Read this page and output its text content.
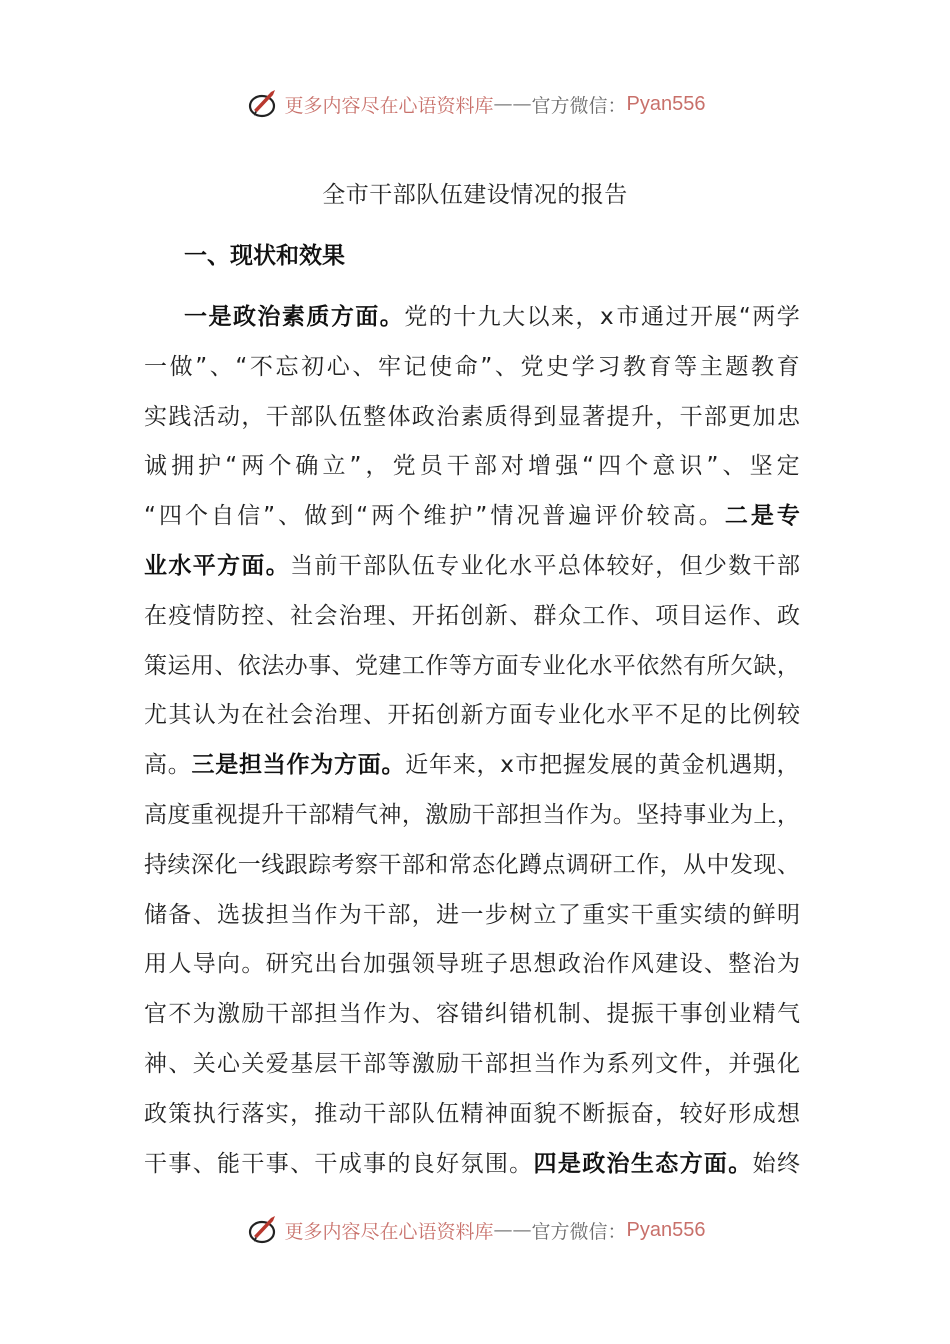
更多内容尽在心语资料库 —— 官方微信： Pyan556
全市干部队伍建设情况的报告
一、现状和效果
一 是 政 治 素 质 方 面 。 党 的 十 九 大 以 来 ， x 市 通 过 开 展 “ 两 学
一 做 ” 、 “ 不 忘 初 心 、 牢 记 使 命 ” 、 党 史 学 习 教 育 等 主 题 教 育
实 践 活 动 ， 干 部 队 伍 整 体 政 治 素 质 得 到 显 著 提 升 ， 干 部 更 加 忠
诚 拥 护 “ 两 个 确 立 ” ， 党 员 干 部 对 增 强 “ 四 个 意 识 ” 、 坚 定
“ 四 个 自 信 ” 、 做 到 “ 两 个 维 护 ” 情 况 普 遍 评 价 较 高 。 二 是 专
业 水 平 方 面 。 当 前 干 部 队 伍 专 业 化 水 平 总 体 较 好 ， 但 少 数 干 部
在 疫 情 防 控 、 社 会 治 理 、 开 拓 创 新 、 群 众 工 作 、 项 目 运 作 、 政
策 运 用 、 依 法 办 事 、 党 建 工 作 等 方 面 专 业 化 水 平 依 然 有 所 欠 缺 ，
尤 其 认 为 在 社 会 治 理 、 开 拓 创 新 方 面 专 业 化 水 平 不 足 的 比 例 较
高 。 三 是 担 当 作 为 方 面 。 近 年 来 ， x 市 把 握 发 展 的 黄 金 机 遇 期 ，
高 度 重 视 提 升 干 部 精 气 神 ， 激 励 干 部 担 当 作 为 。 坚 持 事 业 为 上 ，
持 续 深 化 一 线 跟 踪 考 察 干 部 和 常 态 化 蹲 点 调 研 工 作 ， 从 中 发 现 、
储 备 、 选 拔 担 当 作 为 干 部 ， 进 一 步 树 立 了 重 实 干 重 实 绩 的 鲜 明
用 人 导 向 。 研 究 出 台 加 强 领 导 班 子 思 想 政 治 作 风 建 设 、 整 治 为
官 不 为 激 励 干 部 担 当 作 为 、 容 错 纠 错 机 制 、 提 振 干 事 创 业 精 气
神 、 关 心 关 爱 基 层 干 部 等 激 励 干 部 担 当 作 为 系 列 文 件 ， 并 强 化
政 策 执 行 落 实 ， 推 动 干 部 队 伍 精 神 面 貌 不 断 振 奋 ， 较 好 形 成 想
干 事 、 能 干 事 、 干 成 事 的 良 好 氛 围 。 四 是 政 治 生 态 方 面 。 始 终
更多内容尽在心语资料库 —— 官方微信： Pyan556
